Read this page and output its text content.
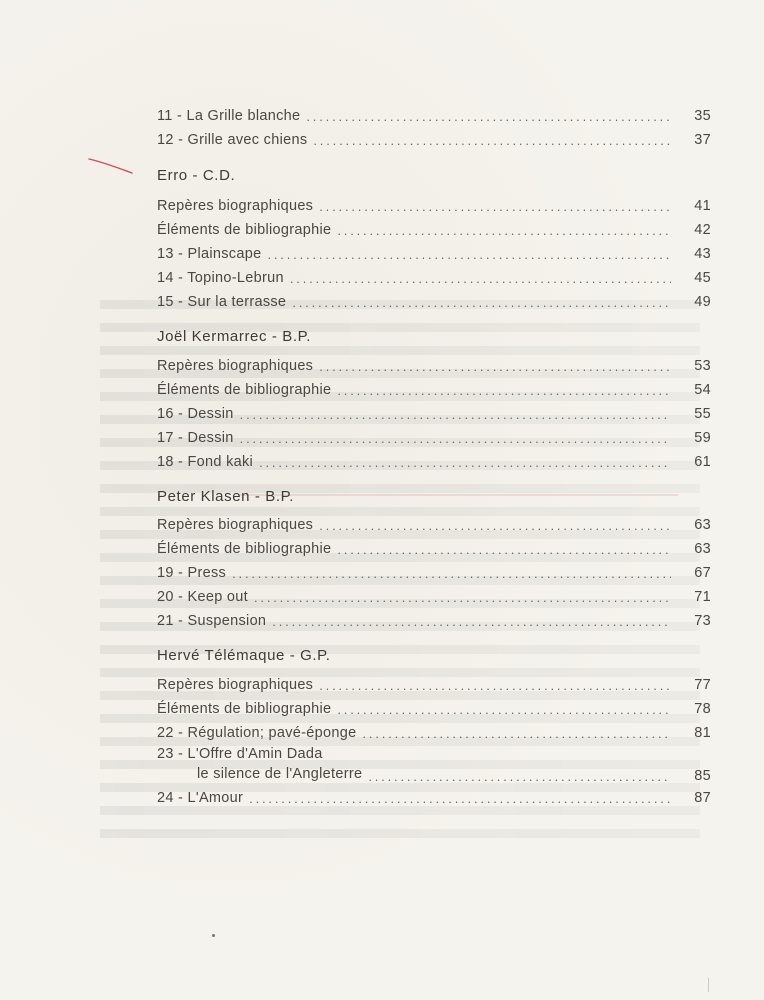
11 - La Grille blanche . . .	35
12 - Grille avec chiens . . .	37
Erro - C.D.
Repères biographiques . . .	41
Éléments de bibliographie . . .	42
13 - Plainscape . . .	43
14 - Topino-Lebrun . . .	45
15 - Sur la terrasse . . .	49
Joël Kermarrec - B.P.
Repères biographiques . . .	53
Éléments de bibliographie . . .	54
16 - Dessin . . .	55
17 - Dessin . . .	59
18 - Fond kaki . . .	61
Peter Klasen - B.P.
Repères biographiques . . .	63
Éléments de bibliographie . . .	63
19 - Press . . .	67
20 - Keep out . . .	71
21 - Suspension . . .	73
Hervé Télémaque - G.P.
Repères biographiques . . .	77
Éléments de bibliographie . . .	78
22 - Régulation; pavé-éponge . . .	81
23 - L'Offre d'Amin Dada
le silence de l'Angleterre . . .	85
24 - L'Amour . . .	87
